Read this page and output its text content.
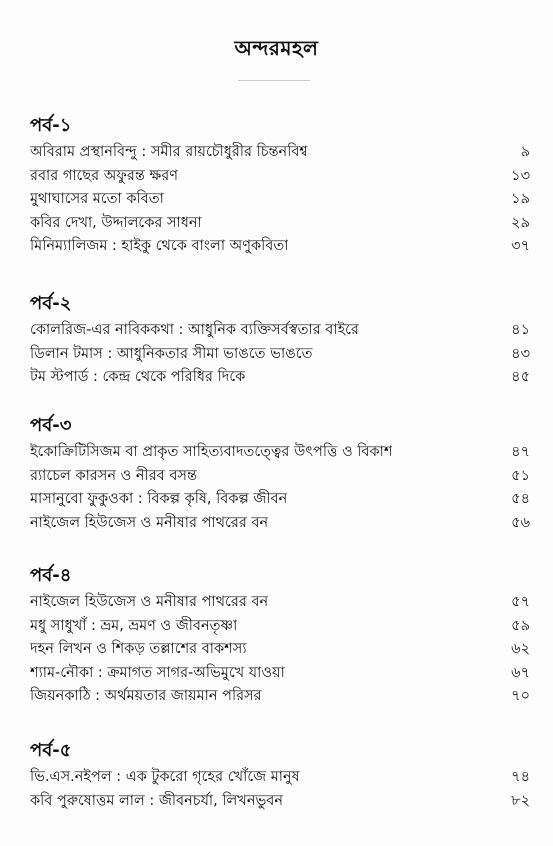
অন্দরমহল
পর্ব-১
অবিরাম প্রস্থানবিন্দু : সমীর রায়চৌধুরীর চিন্তনবিশ্ব	৯
রবার গাছের অফুরন্ত ক্ষরণ	১৩
মুথাঘাসের মতো কবিতা	১৯
কবির দেখা, উদ্দালকের সাধনা	২৯
মিনিম্যালিজম : হাইকু থেকে বাংলা অণুকবিতা	৩৭
পর্ব-২
কোলরিজ-এর নাবিককথা : আধুনিক ব্যক্তিসর্বস্বতার বাইরে	৪১
ডিলান টমাস : আধুনিকতার সীমা ভাঙতে ভাঙতে	৪৩
টম স্টপার্ড : কেন্দ্র থেকে পরিধির দিকে	৪৫
পর্ব-৩
ইকোক্রিটিসিজম বা প্রাকৃত সাহিত্যবাদতত্ত্বের উৎপত্তি ও বিকাশ	৪৭
র‍্যাচেল কারসন ও নীরব বসন্ত	৫১
মাসানুবো ফুকুওকা : বিকল্প কৃষি, বিকল্প জীবন	৫৪
নাইজেল হিউজেস ও মনীষার পাথরের বন	৫৬
পর্ব-৪
নাইজেল হিউজেস ও মনীষার পাথরের বন	৫৭
মধু সাধুখাঁ : ভ্রম, ভ্রমণ ও জীবনতৃষ্ণা	৫৯
দহন লিখন ও শিকড় তল্লাশের বাকশস্য	৬২
শ্যাম-নৌকা : ক্রমাগত সাগর-অভিমুখে যাওয়া	৬৭
জিয়নকাঠি : অর্থময়তার জায়মান পরিসর	৭০
পর্ব-৫
ভি.এস.নইপল : এক টুকরো গৃহের খোঁজে মানুষ	৭৪
কবি পুরুষোত্তম লাল : জীবনচর্যা, লিখনভুবন	৮২
